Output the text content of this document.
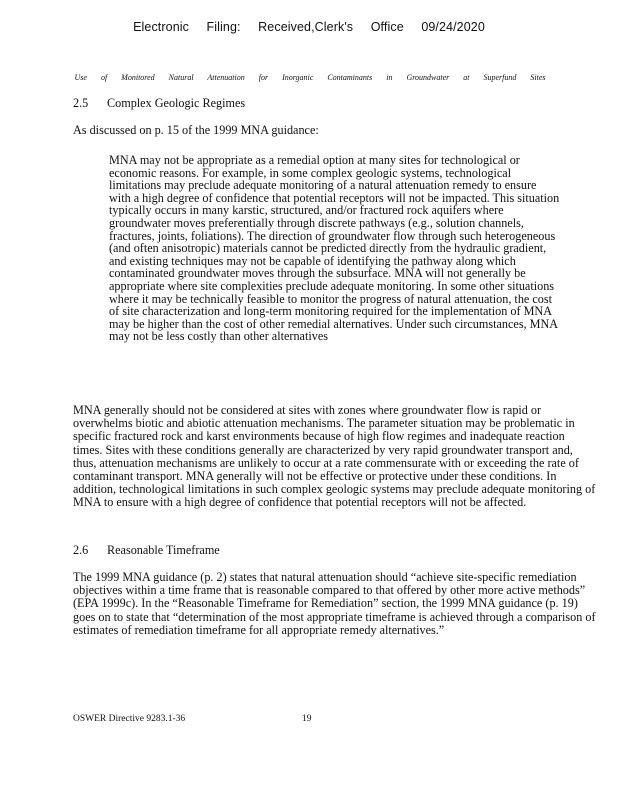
Electronic Filing: Received,Clerk's Office 09/24/2020
Use of Monitored Natural Attenuation for Inorganic Contaminants in Groundwater at Superfund Sites
2.5 Complex Geologic Regimes

As discussed on p. 15 of the 1999 MNA guidance:

MNA may not be appropriate as a remedial option at many sites for technological or economic reasons. For example, in some complex geologic systems, technological limitations may preclude adequate monitoring of a natural attenuation remedy to ensure with a high degree of confidence that potential receptors will not be impacted. This situation typically occurs in many karstic, structured, and/or fractured rock aquifers where groundwater moves preferentially through discrete pathways (e.g., solution channels, fractures, joints, foliations). The direction of groundwater flow through such heterogeneous (and often anisotropic) materials cannot be predicted directly from the hydraulic gradient, and existing techniques may not be capable of identifying the pathway along which contaminated groundwater moves through the subsurface. MNA will not generally be appropriate where site complexities preclude adequate monitoring. In some other situations where it may be technically feasible to monitor the progress of natural attenuation, the cost of site characterization and long-term monitoring required for the implementation of MNA may be higher than the cost of other remedial alternatives. Under such circumstances, MNA may not be less costly than other alternatives

MNA generally should not be considered at sites with zones where groundwater flow is rapid or overwhelms biotic and abiotic attenuation mechanisms. The parameter situation may be problematic in specific fractured rock and karst environments because of high flow regimes and inadequate reaction times. Sites with these conditions generally are characterized by very rapid groundwater transport and, thus, attenuation mechanisms are unlikely to occur at a rate commensurate with or exceeding the rate of contaminant transport. MNA generally will not be effective or protective under these conditions. In addition, technological limitations in such complex geologic systems may preclude adequate monitoring of MNA to ensure with a high degree of confidence that potential receptors will not be affected.

2.6 Reasonable Timeframe

The 1999 MNA guidance (p. 2) states that natural attenuation should “achieve site-specific remediation objectives within a time frame that is reasonable compared to that offered by other more active methods” (EPA 1999c). In the “Reasonable Timeframe for Remediation” section, the 1999 MNA guidance (p. 19) goes on to state that “determination of the most appropriate timeframe is achieved through a comparison of estimates of remediation timeframe for all appropriate remedy alternatives.”

OSWER Directive 9283.1-36	19
